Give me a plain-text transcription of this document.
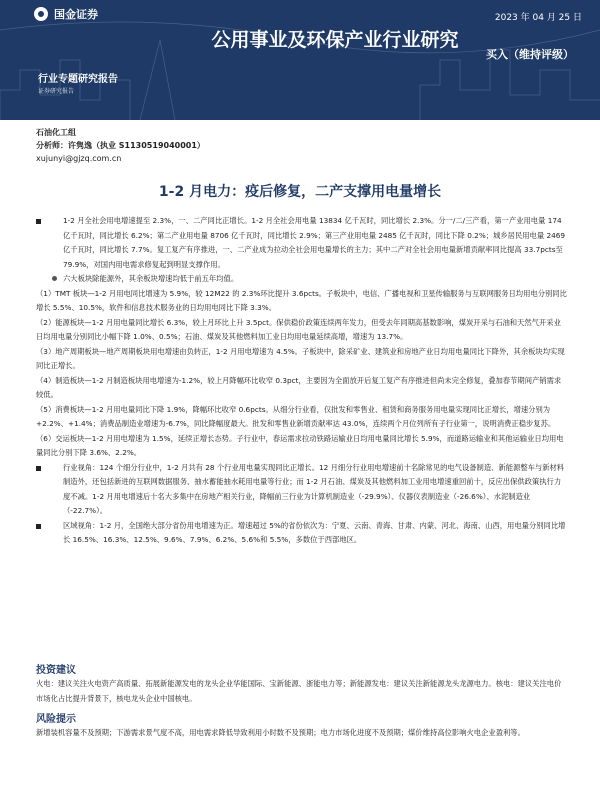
国金证券	2023 年 04 月 25 日
公用事业及环保产业行业研究
买入（维持评级）
行业专题研究报告
证券研究报告
石油化工组
分析师：许隽逸（执业 S1130519040001）
xujunyi@gjzq.com.cn
1-2 月电力：疫后修复，二产支撑用电量增长

1-2 月全社会用电增速提至 2.3%，一、二产同比正增长。1-2 月全社会用电量 13834 亿千瓦时，同比增长 2.3%。分一/二/三产看，第一产业用电量 174 亿千瓦时，同比增长 6.2%；第二产业用电量 8706 亿千瓦时，同比增长 2.9%；第三产业用电量 2485 亿千瓦时，同比下降 0.2%；城乡居民用电量 2469 亿千瓦时，同比增长 7.7%。复工复产有序推进，一、二产业成为拉动全社会用电量增长的主力；其中二产对全社会用电量新增贡献率同比提高 33.7pcts至 79.9%，对国内用电需求修复起到明显支撑作用。

六大板块除能源外，其余板块增速均低于前五年均值。

（1）TMT 板块—1-2 月用电同比增速为 5.9%，较 12M22 的 2.3%环比提升 3.6pcts。子板块中，电信、广播电视和卫星传输服务与互联网服务日均用电分别同比增长 5.5%、10.5%，软件和信息技术服务业的日均用电同比下降 3.3%。

（2）能源板块—1-2 月用电量同比增长 6.3%，较上月环比上升 3.5pct。保供稳价政策连续两年发力，但受去年同期高基数影响，煤炭开采与石油和天然气开采业日均用电量分别同比小幅下降 1.0%、0.5%；石油、煤炭及其他燃料加工业日均用电量延续高增，增速为 13.7%。

（3）地产周期板块—地产周期板块用电增速由负转正，1-2 月用电增速为 4.5%。子板块中，除采矿业、建筑业和房地产业日均用电量同比下降外，其余板块均实现同比正增长。

（4）制造板块—1-2 月制造板块用电增速为-1.2%，较上月降幅环比收窄 0.3pct，主要因为全面放开后复工复产有序推进但尚未完全修复，叠加春节期间产销需求较低。

（5）消费板块—1-2 月用电量同比下降 1.9%，降幅环比收窄 0.6pcts。从细分行业看，仅批发和零售业、租赁和商务服务用电量实现同比正增长，增速分别为+2.2%、+1.4%；消费品制造业增速为-6.7%，同比降幅度最大。批发和零售业新增贡献率达 43.0%，连续两个月位列所有子行业第一，说明消费正稳步复苏。

（6）交运板块—1-2 月用电增速为 1.5%，延续正增长态势。子行业中，春运需求拉动铁路运输业日均用电量同比增长 5.9%，而道路运输业和其他运输业日均用电量同比分别下降 3.6%、2.2%。

行业视角：124 个细分行业中，1-2 月共有 28 个行业用电量实现同比正增长。12 月细分行业用电增速前十名除常见的电气设备制造、新能源整车与新材料制造外，还包括新进的互联网数据服务、抽水蓄能抽水耗用电量等行业；而 1-2 月石油、煤炭及其他燃料加工业用电增速重回前十，反应出保供政策执行力度不减。1-2 月用电增速后十名大多集中在房地产相关行业，降幅前三行业为计算机制造业（-29.9%）、仪器仪表制造业（-26.6%）、水泥制造业（-22.7%）。

区域视角：1-2 月，全国绝大部分省份用电增速为正。增速超过 5%的省份依次为：宁夏、云南、青海、甘肃、内蒙、河北、海南、山西，用电量分别同比增长 16.5%、16.3%、12.5%、9.6%、7.9%、6.2%、5.6%和 5.5%，多数位于西部地区。

投资建议
火电：建议关注火电资产高质量、拓展新能源发电的龙头企业华能国际、宝新能源、浙能电力等；新能源发电：建议关注新能源龙头龙源电力。核电：建议关注电价市场化占比提升背景下，核电龙头企业中国核电。
风险提示
新增装机容量不及预期；下游需求景气度不高，用电需求降低导致利用小时数不及预期；电力市场化进度不及预期；煤价维持高位影响火电企业盈利等。
